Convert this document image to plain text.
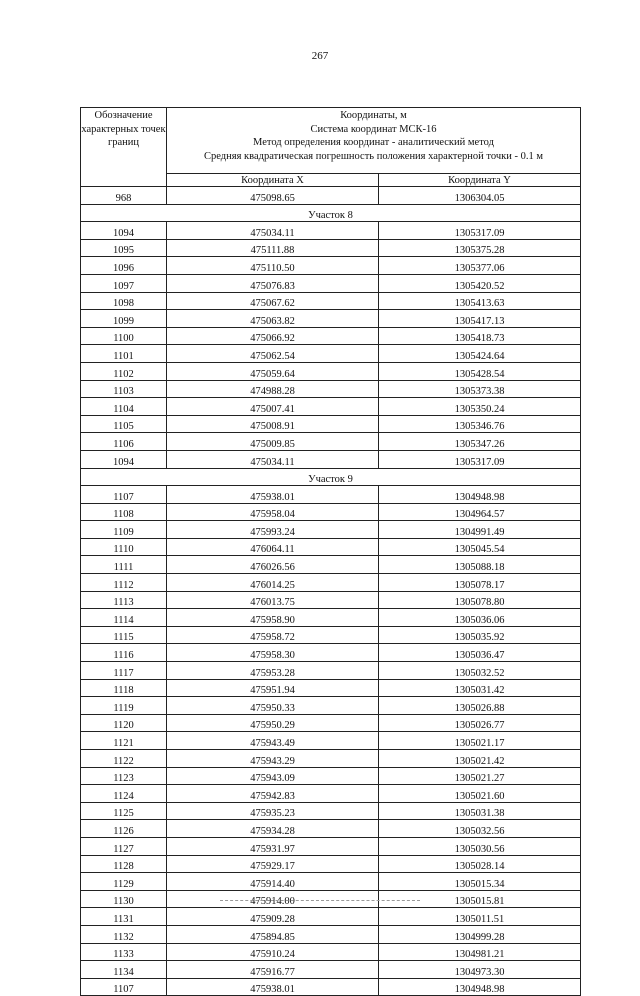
267
Обозначение характерных точек границ	Координаты, м
Система координат МСК-16
Метод определения координат - аналитический метод
Средняя квадратическая погрешность положения характерной точки - 0.1 м	

	Координата X	Координата Y
968	475098.65	1306304.05
Участок 8		
1094	475034.11	1305317.09
1095	475111.88	1305375.28
1096	475110.50	1305377.06
1097	475076.83	1305420.52
1098	475067.62	1305413.63
1099	475063.82	1305417.13
1100	475066.92	1305418.73
1101	475062.54	1305424.64
1102	475059.64	1305428.54
1103	474988.28	1305373.38
1104	475007.41	1305350.24
1105	475008.91	1305346.76
1106	475009.85	1305347.26
1094	475034.11	1305317.09
Участок 9		
1107	475938.01	1304948.98
1108	475958.04	1304964.57
1109	475993.24	1304991.49
1110	476064.11	1305045.54
1111	476026.56	1305088.18
1112	476014.25	1305078.17
1113	476013.75	1305078.80
1114	475958.90	1305036.06
1115	475958.72	1305035.92
1116	475958.30	1305036.47
1117	475953.28	1305032.52
1118	475951.94	1305031.42
1119	475950.33	1305026.88
1120	475950.29	1305026.77
1121	475943.49	1305021.17
1122	475943.29	1305021.42
1123	475943.09	1305021.27
1124	475942.83	1305021.60
1125	475935.23	1305031.38
1126	475934.28	1305032.56
1127	475931.97	1305030.56
1128	475929.17	1305028.14
1129	475914.40	1305015.34
1130	475914.00	1305015.81
1131	475909.28	1305011.51
1132	475894.85	1304999.28
1133	475910.24	1304981.21
1134	475916.77	1304973.30
1107	475938.01	1304948.98
